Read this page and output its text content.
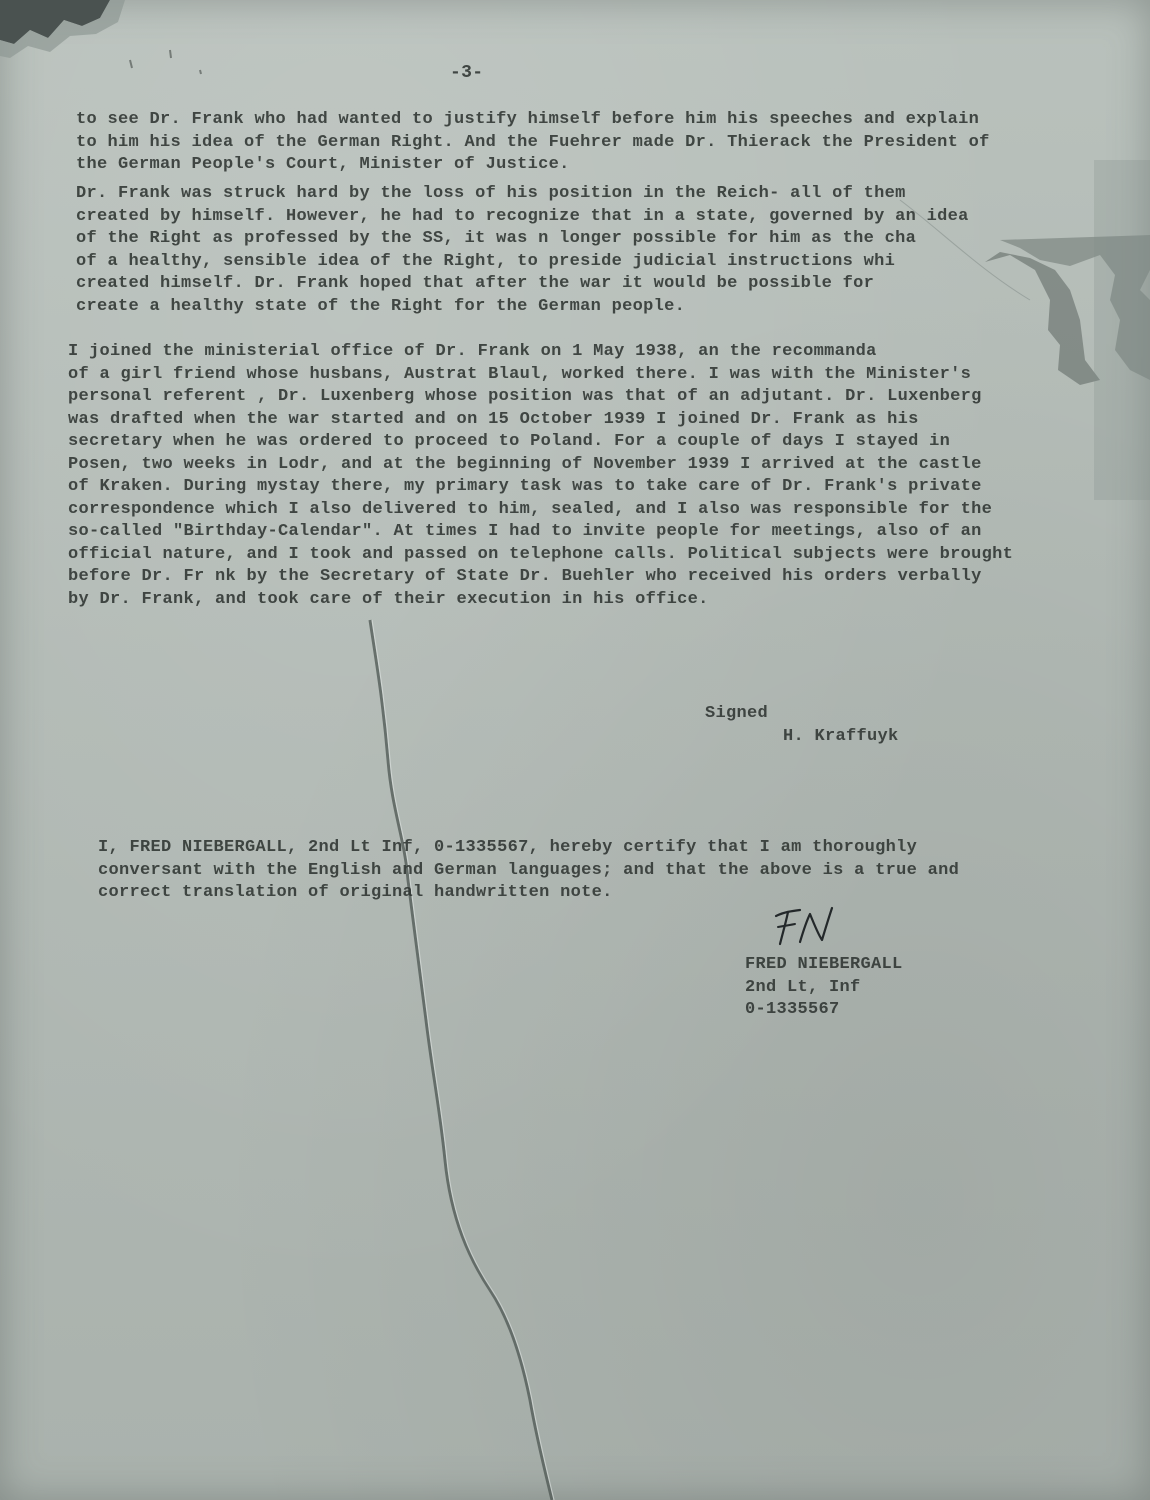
-3-
to see Dr. Frank who had wanted to justify himself before him his speeches and explain
to him his idea of the German Right. And the Fuehrer made Dr. Thierack the President of
the German People's Court, Minister of Justice.
Dr. Frank was struck hard by the loss of his position in the Reich- all of them
created by himself. However, he had to recognize that in a state, governed by an idea
of the Right as professed by the SS, it was n longer possible for him as the cha
of a healthy, sensible idea of the Right, to preside judicial instructions whi
created himself. Dr. Frank hoped that after the war it would be possible for
create a healthy state of the Right for the German people.
I joined the ministerial office of Dr. Frank on 1 May 1938, an the recommanda
of a girl friend whose husbans, Austrat Blaul, worked there. I was with the Minister's
personal referent , Dr. Luxenberg whose position was that of an adjutant. Dr. Luxenberg
was drafted when the war started and on 15 October 1939 I joined Dr. Frank as his
secretary when he was ordered to proceed to Poland. For a couple of days I stayed in
Posen, two weeks in Lodr, and at the beginning of November 1939 I arrived at the castle
of Kraken. During mystay there, my primary task was to take care of Dr. Frank's private
correspondence which I also delivered to him, sealed, and I also was responsible for the
so-called "Birthday-Calendar". At times I had to invite people for meetings, also of an
official nature, and I took and passed on telephone calls. Political subjects were brought
before Dr. Fr nk by the Secretary of State Dr. Buehler who received his orders verbally
by Dr. Frank, and took care of their execution in his office.
Signed
H. Kraffuyk
I, FRED NIEBERGALL, 2nd Lt Inf, 0-1335567, hereby certify that I am thoroughly
conversant with the English and German languages; and that the above is a true and
correct translation of original handwritten note.
FRED NIEBERGALL
2nd Lt, Inf
0-1335567
